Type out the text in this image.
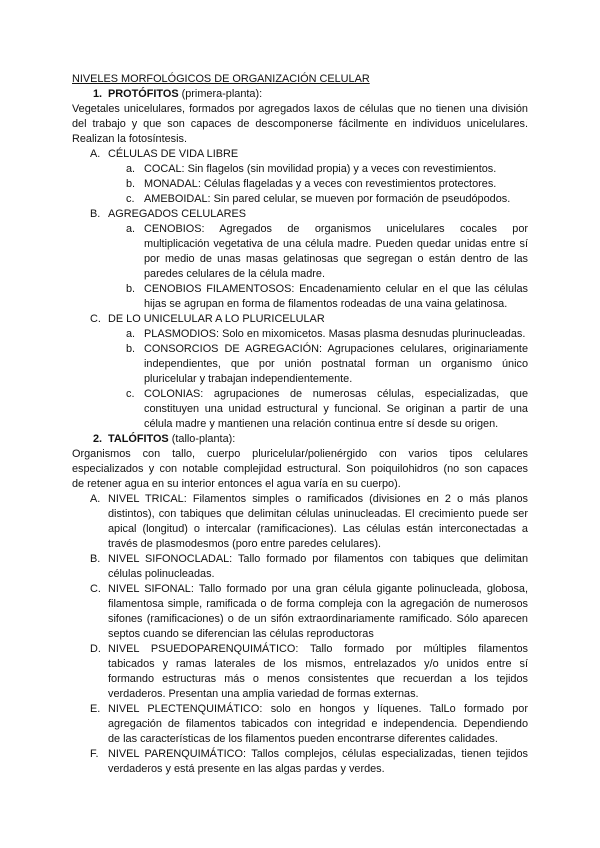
NIVELES MORFOLÓGICOS DE ORGANIZACIÓN CELULAR
1. PROTÓFITOS (primera-planta):
Vegetales unicelulares, formados por agregados laxos de células que no tienen una división
del trabajo y que son capaces de descomponerse fácilmente en individuos unicelulares.
Realizan la fotosíntesis.
A. CÉLULAS DE VIDA LIBRE
a. COCAL: Sin flagelos (sin movilidad propia) y a veces con revestimientos.
b. MONADAL: Células flageladas y a veces con revestimientos protectores.
c. AMEBOIDAL: Sin pared celular, se mueven por formación de pseudópodos.
B. AGREGADOS CELULARES
a. CENOBIOS: Agregados de organismos unicelulares cocales por
multiplicación vegetativa de una célula madre. Pueden quedar unidas entre sí
por medio de unas masas gelatinosas que segregan o están dentro de las
paredes celulares de la célula madre.
b. CENOBIOS FILAMENTOSOS: Encadenamiento celular en el que las células
hijas se agrupan en forma de filamentos rodeadas de una vaina gelatinosa.
C. DE LO UNICELULAR A LO PLURICELULAR
a. PLASMODIOS: Solo en mixomicetos. Masas plasma desnudas plurinucleadas.
b. CONSORCIOS DE AGREGACIÓN: Agrupaciones celulares, originariamente
independientes, que por unión postnatal forman un organismo único
pluricelular y trabajan independientemente.
c. COLONIAS: agrupaciones de numerosas células, especializadas, que
constituyen una unidad estructural y funcional. Se originan a partir de una
célula madre y mantienen una relación continua entre sí desde su origen.
2. TALÓFITOS (tallo-planta):
Organismos con tallo, cuerpo pluricelular/polienérgido con varios tipos celulares
especializados y con notable complejidad estructural. Son poiquilohidros (no son capaces
de retener agua en su interior entonces el agua varía en su cuerpo).
A. NIVEL TRICAL: Filamentos simples o ramificados (divisiones en 2 o más planos
distintos), con tabiques que delimitan células uninucleadas. El crecimiento puede ser
apical (longitud) o intercalar (ramificaciones). Las células están interconectadas a
través de plasmodesmos (poro entre paredes celulares).
B. NIVEL SIFONOCLADAL: Tallo formado por filamentos con tabiques que delimitan
células polinucleadas.
C. NIVEL SIFONAL: Tallo formado por una gran célula gigante polinucleada, globosa,
filamentosa simple, ramificada o de forma compleja con la agregación de numerosos
sifones (ramificaciones) o de un sifón extraordinariamente ramificado. Sólo aparecen
septos cuando se diferencian las células reproductoras
D. NIVEL PSUEDOPARENQUIMÁTICO: Tallo formado por múltiples filamentos
tabicados y ramas laterales de los mismos, entrelazados y/o unidos entre sí
formando estructuras más o menos consistentes que recuerdan a los tejidos
verdaderos. Presentan una amplia variedad de formas externas.
E. NIVEL PLECTENQUIMÁTICO: solo en hongos y líquenes. TalLo formado por
agregación de filamentos tabicados con integridad e independencia. Dependiendo
de las características de los filamentos pueden encontrarse diferentes calidades.
F. NIVEL PARENQUIMÁTICO: Tallos complejos, células especializadas, tienen tejidos
verdaderos y está presente en las algas pardas y verdes.
